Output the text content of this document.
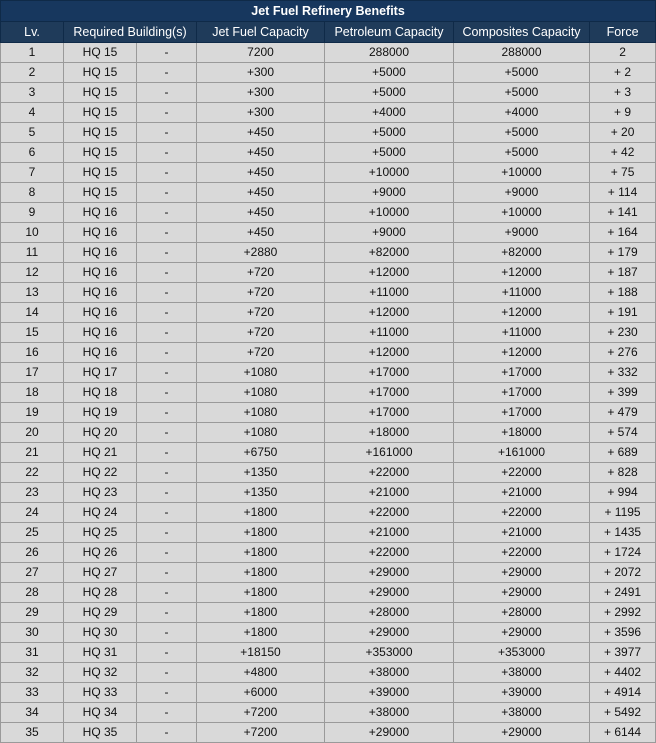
Jet Fuel Refinery Benefits						
Lv.	Required Building(s)		Jet Fuel Capacity	Petroleum Capacity	Composites Capacity	Force
1	HQ 15	-	7200	288000	288000	2
2	HQ 15	-	+300	+5000	+5000	+ 2
3	HQ 15	-	+300	+5000	+5000	+ 3
4	HQ 15	-	+300	+4000	+4000	+ 9
5	HQ 15	-	+450	+5000	+5000	+ 20
6	HQ 15	-	+450	+5000	+5000	+ 42
7	HQ 15	-	+450	+10000	+10000	+ 75
8	HQ 15	-	+450	+9000	+9000	+ 114
9	HQ 16	-	+450	+10000	+10000	+ 141
10	HQ 16	-	+450	+9000	+9000	+ 164
11	HQ 16	-	+2880	+82000	+82000	+ 179
12	HQ 16	-	+720	+12000	+12000	+ 187
13	HQ 16	-	+720	+11000	+11000	+ 188
14	HQ 16	-	+720	+12000	+12000	+ 191
15	HQ 16	-	+720	+11000	+11000	+ 230
16	HQ 16	-	+720	+12000	+12000	+ 276
17	HQ 17	-	+1080	+17000	+17000	+ 332
18	HQ 18	-	+1080	+17000	+17000	+ 399
19	HQ 19	-	+1080	+17000	+17000	+ 479
20	HQ 20	-	+1080	+18000	+18000	+ 574
21	HQ 21	-	+6750	+161000	+161000	+ 689
22	HQ 22	-	+1350	+22000	+22000	+ 828
23	HQ 23	-	+1350	+21000	+21000	+ 994
24	HQ 24	-	+1800	+22000	+22000	+ 1195
25	HQ 25	-	+1800	+21000	+21000	+ 1435
26	HQ 26	-	+1800	+22000	+22000	+ 1724
27	HQ 27	-	+1800	+29000	+29000	+ 2072
28	HQ 28	-	+1800	+29000	+29000	+ 2491
29	HQ 29	-	+1800	+28000	+28000	+ 2992
30	HQ 30	-	+1800	+29000	+29000	+ 3596
31	HQ 31	-	+18150	+353000	+353000	+ 3977
32	HQ 32	-	+4800	+38000	+38000	+ 4402
33	HQ 33	-	+6000	+39000	+39000	+ 4914
34	HQ 34	-	+7200	+38000	+38000	+ 5492
35	HQ 35	-	+7200	+29000	+29000	+ 6144
